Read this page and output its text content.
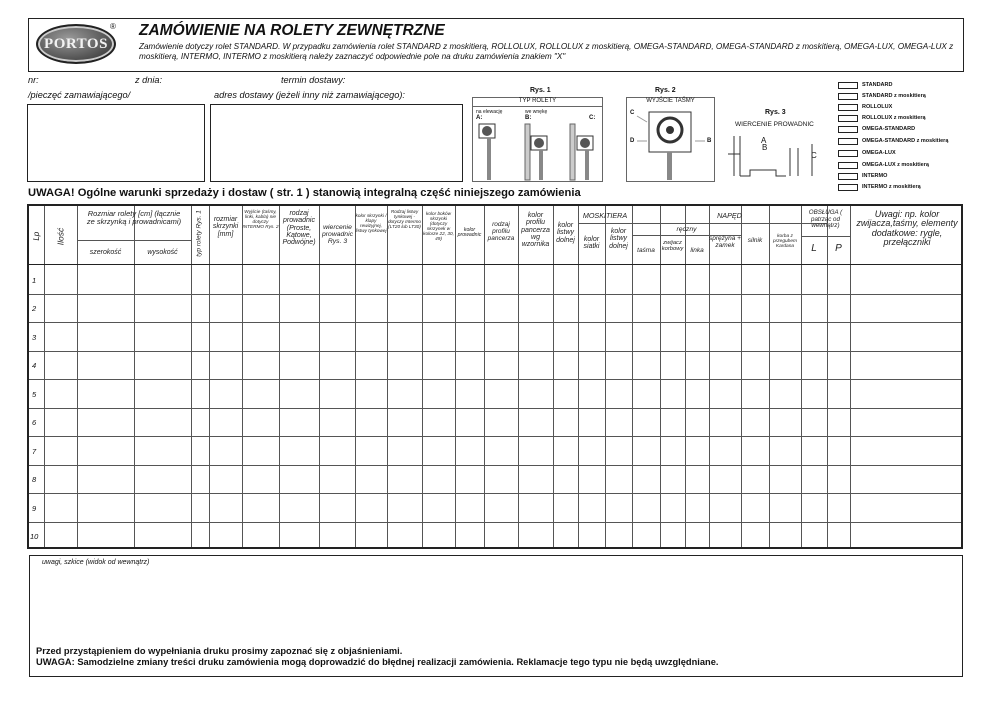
PORTOS
® ZAMÓWIENIE NA ROLETY ZEWNĘTRZNE
Zamówienie dotyczy rolet STANDARD. W przypadku zamówienia rolet STANDARD z moskitierą, ROLLOLUX, ROLLOLUX z moskitierą, OMEGA-STANDARD, OMEGA-STANDARD z moskitierą, OMEGA-LUX, OMEGA-LUX z moskitierą, INTERMO, INTERMO z moskitierą należy zaznaczyć odpowiednie pole na druku zamówienia znakiem "X"
nr:	z dnia:	termin dostawy:
/pieczęć zamawiającego/	adres dostawy (jeżeli inny niż zamawiającego):	Rys. 1
TYP ROLETY
na elewację
A:
we wnękę
B:	C:
Rys. 2
WYJŚCIE TAŚMY
C
D	B
Rys. 3
WIERCENIE PROWADNIC
A
B
C
STANDARD
STANDARD z moskitierą
ROLLOLUX
ROLLOLUX z moskitierą
OMEGA-STANDARD
OMEGA-STANDARD z moskitierą
OMEGA-LUX
OMEGA-LUX z moskitierą
INTERMO
INTERMO z moskitierą
UWAGA! Ogólne warunki sprzedaży i dostaw ( str. 1 ) stanowią integralną część niniejszego zamówienia
Lp Ilość
Rozmiar rolety [cm] (łącznie ze skrzynką i prowadnicami)
szerokość	wysokość	typ rolety Rys. 1	rozmiar skrzynki [mm]
Wyjście (taśmy, linki, kabla) nie dotyczy INTERMO Rys. 2
rodzaj prowadnic (Proste, Kątowe, Podwójne)
wiercenie prowadnic Rys. 3
kolor skrzynki / klapy rewizyjnej, listwy tynkowej
Rodzaj listwy tynkowej - dotyczy Intermo (LT20 lub LT30)
kolor boków skrzynki (dotyczy skrzynek w kolorze 22, 30, 49)
kolor prowadnic
rodzaj profilu pancerza
kolor profilu pancerza wg wzornika
kolor listwy dolnej
MOSKITIERA
kolor siatki
kolor listwy dolnej
NAPĘD
ręczny
taśma
zwijacz korbowy	linka
sprężyna + zamek
silnik
korba z przegubem Kardana
OBSŁUGA ( patrząc od wewnątrz)
L	P
Uwagi: np. kolor zwijacza,taśmy, elementy dodatkowe: rygle, przełączniki
1
2
3
4
5
6
7
8
9
10
uwagi, szkice (widok od wewnątrz)
Przed przystąpieniem do wypełniania druku prosimy zapoznać się z objaśnieniami.
UWAGA: Samodzielne zmiany treści druku zamówienia mogą doprowadzić do błędnej realizacji zamówienia. Reklamacje tego typu nie będą uwzględniane.
